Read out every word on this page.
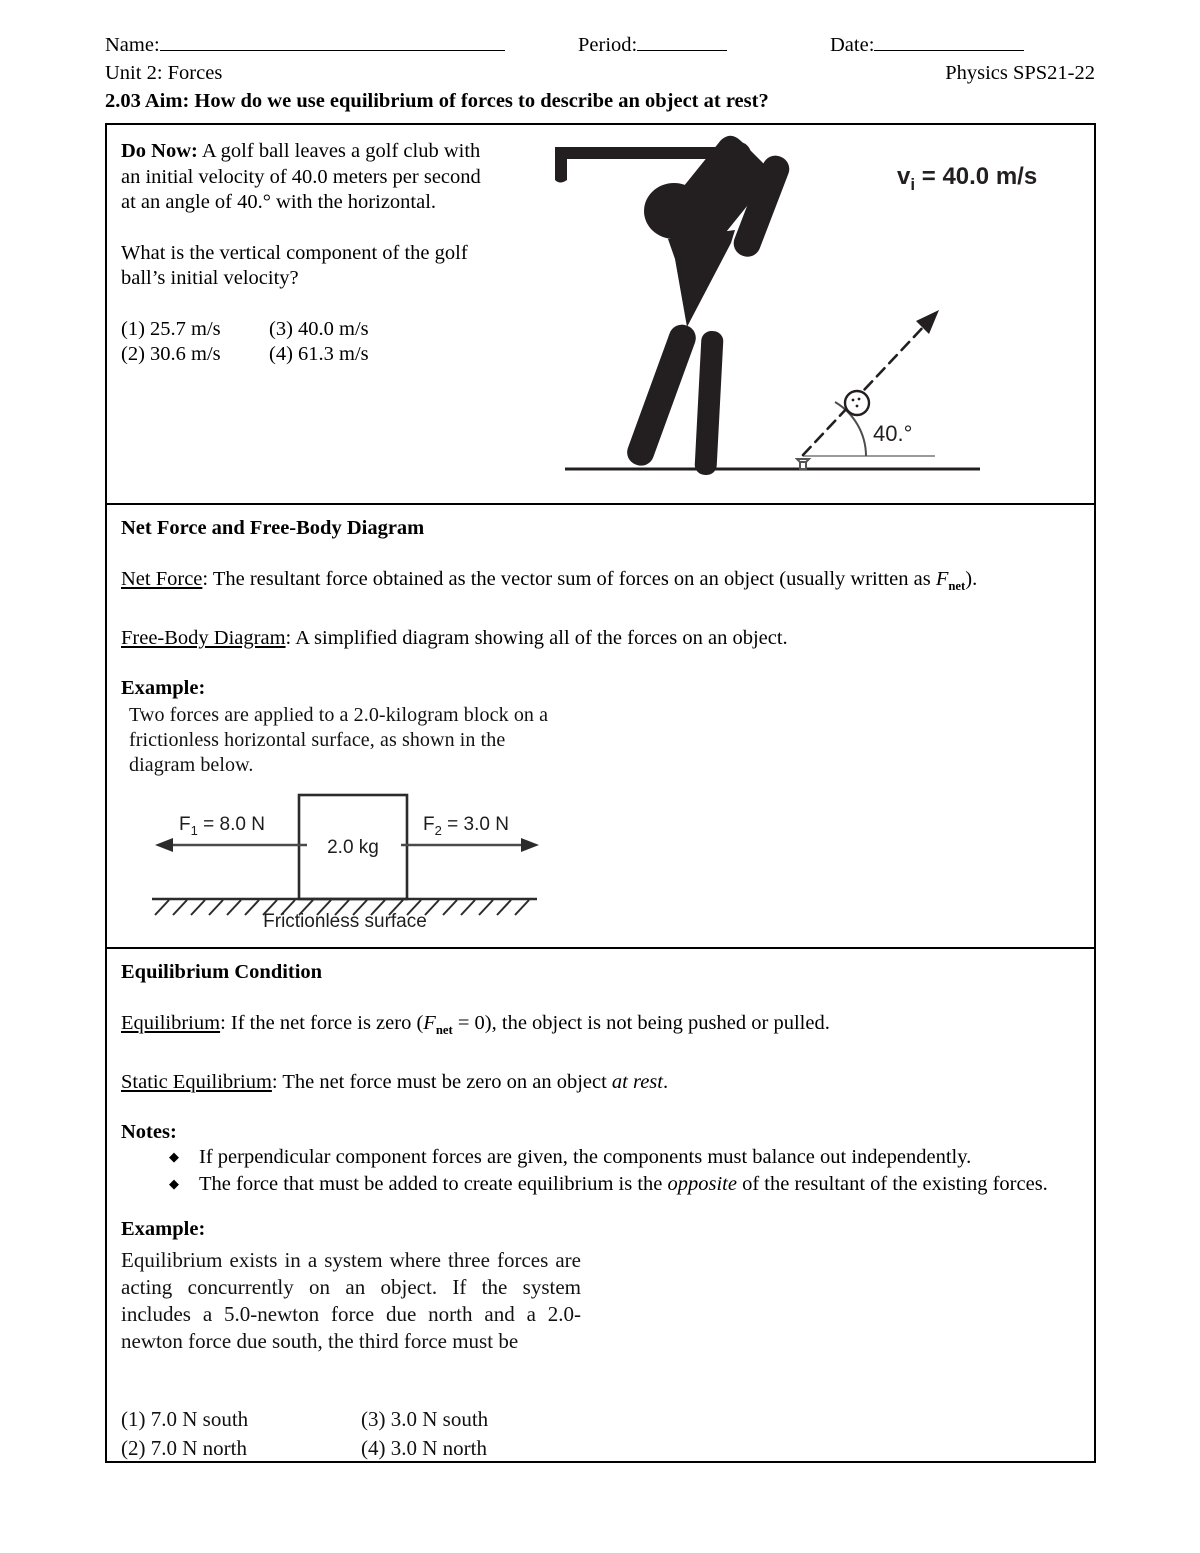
Name:	Period:	Date:
Unit 2: Forces	Physics SPS21-22
2.03 Aim: How do we use equilibrium of forces to describe an object at rest?

Do Now: A golf ball leaves a golf club with an initial velocity of 40.0 meters per second at an angle of 40.° with the horizontal.

What is the vertical component of the golf ball’s initial velocity?

(1) 25.7 m/s	(3) 40.0 m/s
(2) 30.6 m/s	(4) 61.3 m/s
$v_i = 40.0$ m/s
40.°
Net Force and Free-Body Diagram

Net Force: The resultant force obtained as the vector sum of forces on an object (usually written as $F_{net}$).

Free-Body Diagram: A simplified diagram showing all of the forces on an object.

Example:
Two forces are applied to a 2.0-kilogram block on a frictionless horizontal surface, as shown in the diagram below.
$F_1 = 8.0$ N	$F_2 = 3.0$ N
2.0 kg
Frictionless surface
Equilibrium Condition

Equilibrium: If the net force is zero $(F_{net} = 0)$, the object is not being pushed or pulled.

Static Equilibrium: The net force must be zero on an object at rest.

Notes:
◆ If perpendicular component forces are given, the components must balance out independently.
◆ The force that must be added to create equilibrium is the opposite of the resultant of the existing forces.
Example:
Equilibrium exists in a system where three forces are acting concurrently on an object. If the system includes a 5.0-newton force due north and a 2.0-newton force due south, the third force must be
(1) 7.0 N south	(3) 3.0 N south
(2) 7.0 N north	(4) 3.0 N north
